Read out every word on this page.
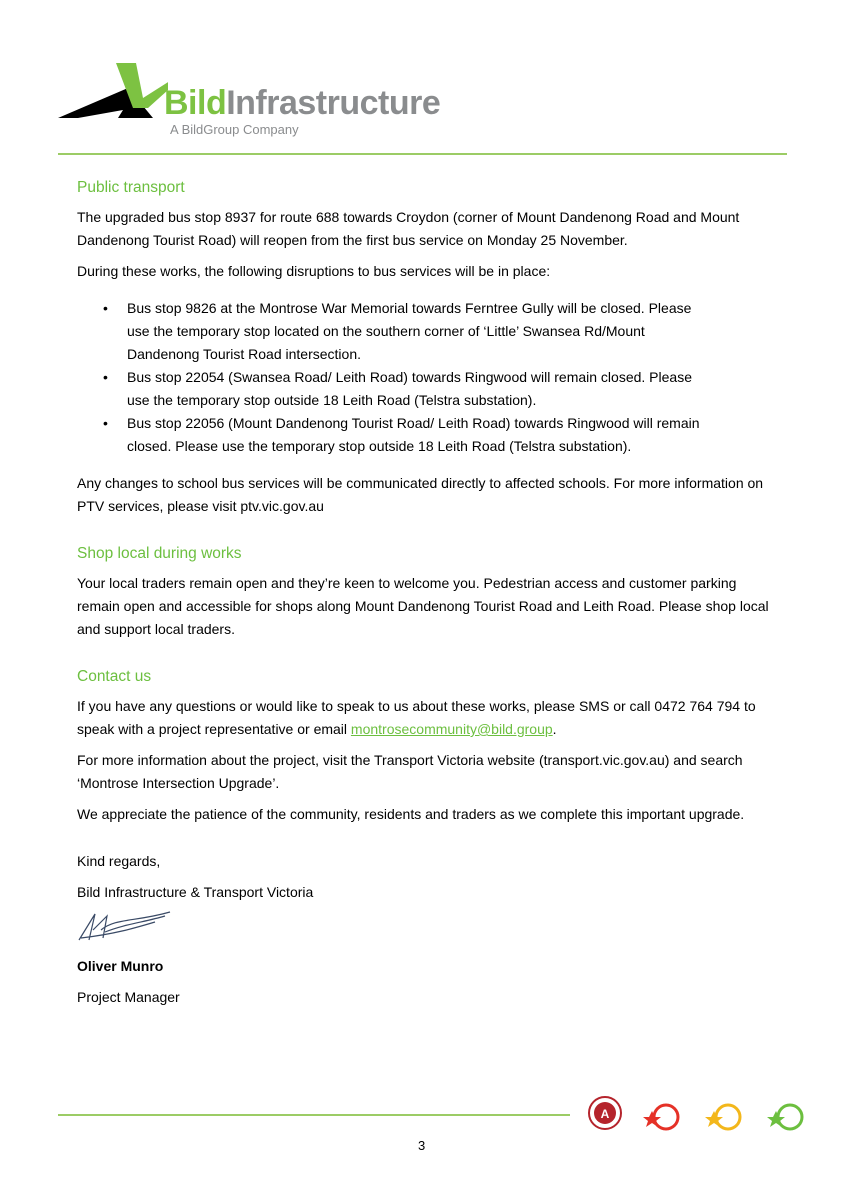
BildInfrastructure
A BildGroup Company
Public transport

The upgraded bus stop 8937 for route 688 towards Croydon (corner of Mount Dandenong Road and Mount Dandenong Tourist Road) will reopen from the first bus service on Monday 25 November.

During these works, the following disruptions to bus services will be in place:

• Bus stop 9826 at the Montrose War Memorial towards Ferntree Gully will be closed. Please use the temporary stop located on the southern corner of ‘Little’ Swansea Rd/Mount Dandenong Tourist Road intersection.
• Bus stop 22054 (Swansea Road/ Leith Road) towards Ringwood will remain closed. Please use the temporary stop outside 18 Leith Road (Telstra substation).
• Bus stop 22056 (Mount Dandenong Tourist Road/ Leith Road) towards Ringwood will remain closed. Please use the temporary stop outside 18 Leith Road (Telstra substation).

Any changes to school bus services will be communicated directly to affected schools. For more information on PTV services, please visit ptv.vic.gov.au

Shop local during works

Your local traders remain open and they’re keen to welcome you. Pedestrian access and customer parking remain open and accessible for shops along Mount Dandenong Tourist Road and Leith Road. Please shop local and support local traders.

Contact us

If you have any questions or would like to speak to us about these works, please SMS or call 0472 764 794 to speak with a project representative or email montrosecommunity@bild.group.

For more information about the project, visit the Transport Victoria website (transport.vic.gov.au) and search ‘Montrose Intersection Upgrade’.

We appreciate the patience of the community, residents and traders as we complete this important upgrade.

Kind regards,

Bild Infrastructure & Transport Victoria

Oliver Munro

Project Manager

A
3
